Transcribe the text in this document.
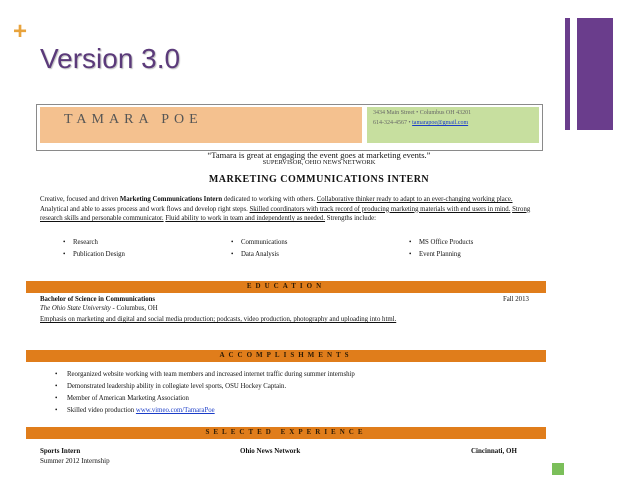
+
Version 3.0
TAMARA POE	3434 Main Street • Columbus OH 43201
614-324-4567 • tamarapoe@gmail.com
“Tamara is great at engaging the event goes at marketing events.”
SUPERVISOR, OHIO NEWS NETWORK
MARKETING COMMUNICATIONS INTERN
Creative, focused and driven Marketing Communications Intern dedicated to working with others. Collaborative thinker ready to adapt to an ever-changing working place. Analytical and able to asses process and work flows and develop right steps. Skilled coordinators with track record of producing marketing materials with end users in mind. Strong research skills and personable communicator. Fluid ability to work in team and independently as needed. Strengths include:
• Research	• Communications	• MS Office Products
• Publication Design	• Data Analysis	• Event Planning
EDUCATION
Bachelor of Science in Communications	Fall 2013
The Ohio State University - Columbus, OH
Emphasis on marketing and digital and social media production; podcasts, video production, photography and uploading into html.
ACCOMPLISHMENTS
• Reorganized website working with team members and increased internet traffic during summer internship
• Demonstrated leadership ability in collegiate level sports, OSU Hockey Captain.
• Member of American Marketing Association
• Skilled video production www.vimeo.com/TamaraPoe
SELECTED EXPERIENCE
Sports Intern	Ohio News Network	Cincinnati, OH
Summer 2012 Internship
